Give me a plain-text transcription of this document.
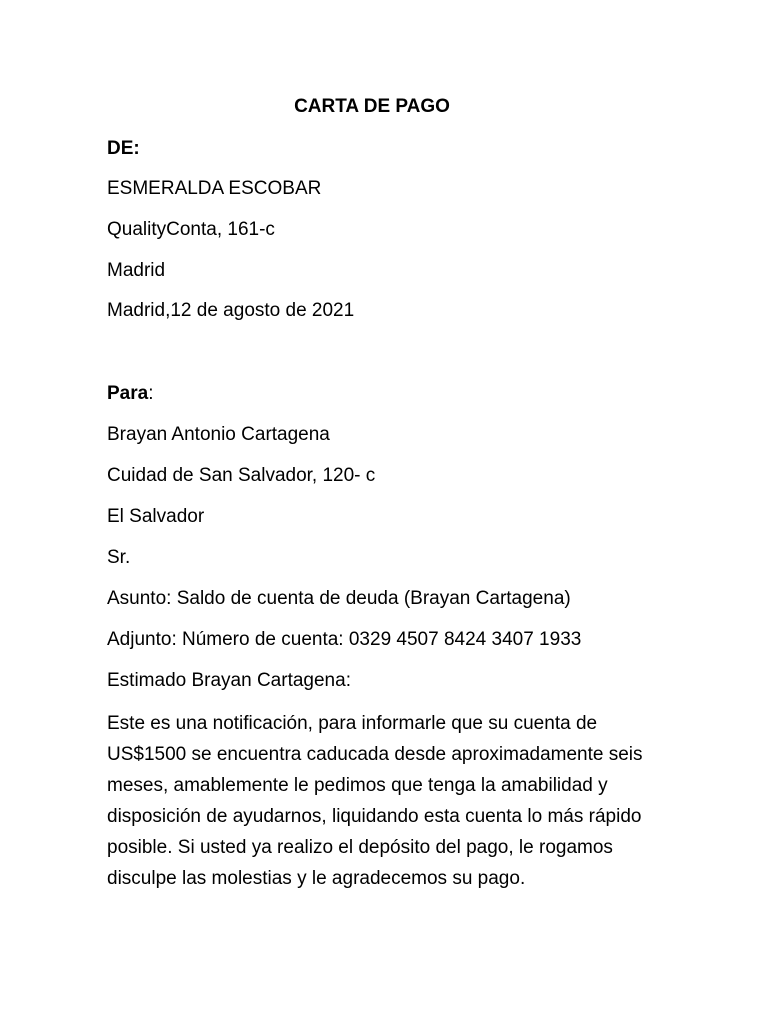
CARTA DE PAGO
DE:
ESMERALDA ESCOBAR
QualityConta, 161-c
Madrid
Madrid,12 de agosto de 2021
Para:
Brayan Antonio Cartagena
Cuidad de San Salvador, 120- c
El Salvador
Sr.
Asunto: Saldo de cuenta de deuda (Brayan Cartagena)
Adjunto: Número de cuenta: 0329 4507 8424 3407 1933
Estimado Brayan Cartagena:
Este es una notificación, para informarle que su cuenta de US$1500 se encuentra caducada desde aproximadamente seis meses, amablemente le pedimos que tenga la amabilidad y disposición de ayudarnos, liquidando esta cuenta lo más rápido posible. Si usted ya realizo el depósito del pago, le rogamos disculpe las molestias y le agradecemos su pago.
